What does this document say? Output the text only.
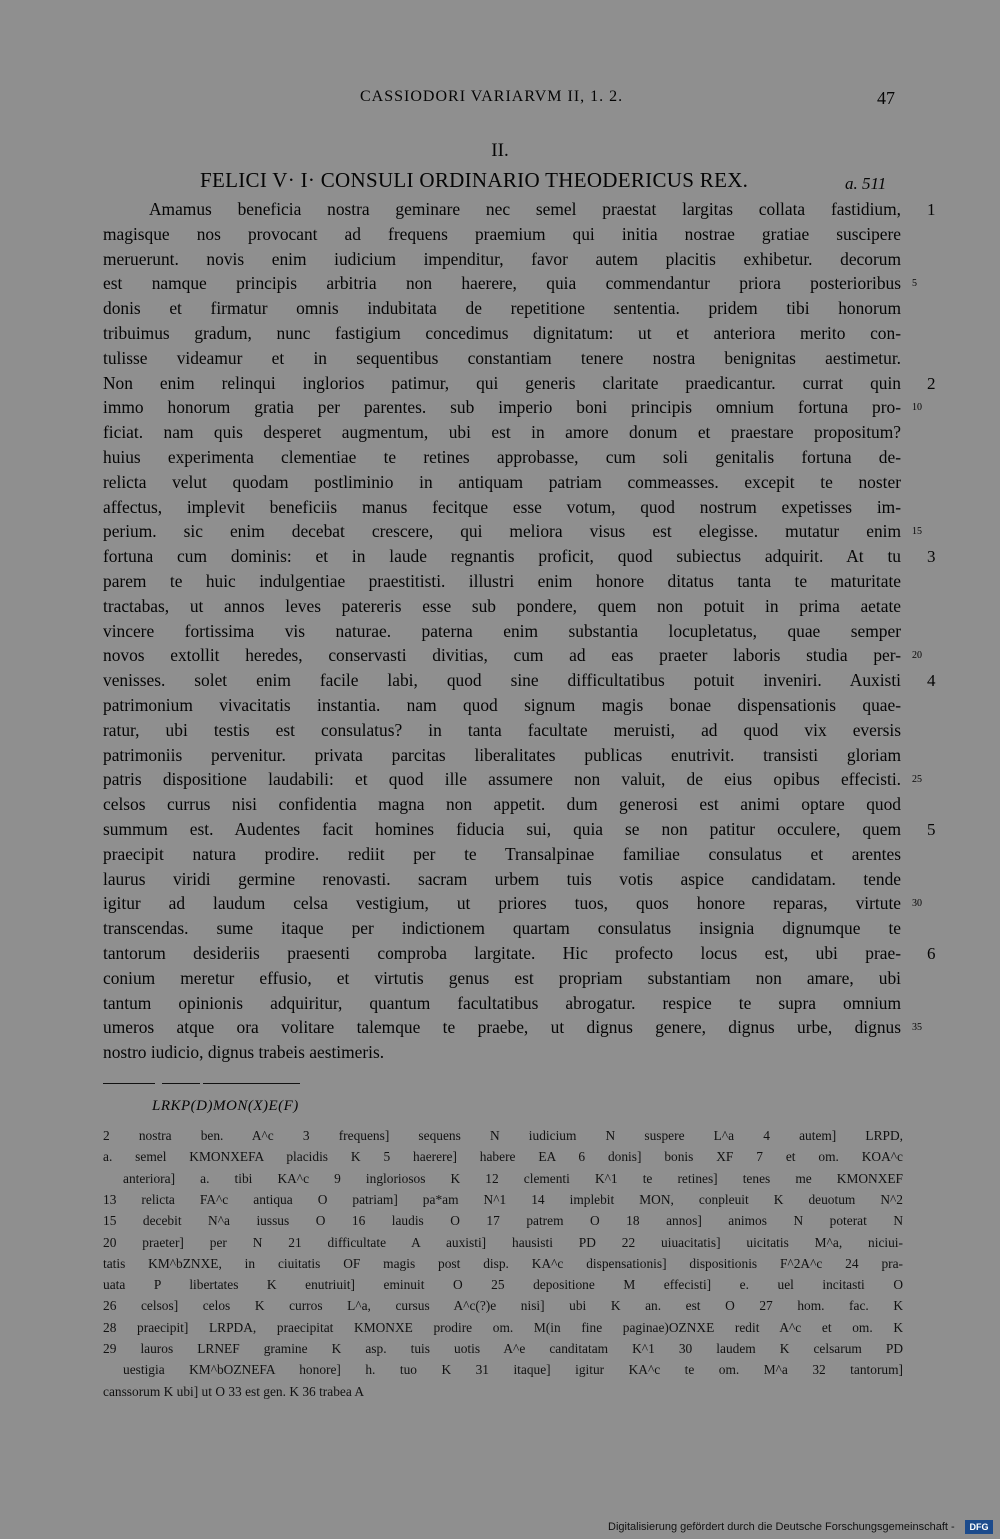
CASSIODORI VARIARVM II, 1. 2.	47
II.
FELICI V· I· CONSULI ORDINARIO THEODERICUS REX.	a. 511
Amamus beneficia nostra geminare nec semel praestat largitas collata fastidium,
magisque nos provocant ad frequens praemium qui initia nostrae gratiae suscipere
meruerunt. novis enim iudicium impenditur, favor autem placitis exhibetur. decorum
est namque principis arbitria non haerere, quia commendantur priora posterioribus
donis et firmatur omnis indubitata de repetitione sententia. pridem tibi honorum
tribuimus gradum, nunc fastigium concedimus dignitatum: ut et anteriora merito con-
tulisse videamur et in sequentibus constantiam tenere nostra benignitas aestimetur.
Non enim relinqui inglorios patimur, qui generis claritate praedicantur. currat quin
immo honorum gratia per parentes. sub imperio boni principis omnium fortuna pro-
ficiat. nam quis desperet augmentum, ubi est in amore donum et praestare propositum?
huius experimenta clementiae te retines approbasse, cum soli genitalis fortuna de-
relicta velut quodam postliminio in antiquam patriam commeasses. excepit te noster
affectus, implevit beneficiis manus fecitque esse votum, quod nostrum expetisses im-
perium. sic enim decebat crescere, qui meliora visus est elegisse. mutatur enim
fortuna cum dominis: et in laude regnantis proficit, quod subiectus adquirit. At tu
parem te huic indulgentiae praestitisti. illustri enim honore ditatus tanta te maturitate
tractabas, ut annos leves patereris esse sub pondere, quem non potuit in prima aetate
vincere fortissima vis naturae. paterna enim substantia locupletatus, quae semper
novos extollit heredes, conservasti divitias, cum ad eas praeter laboris studia per-
venisses. solet enim facile labi, quod sine difficultatibus potuit inveniri. Auxisti
patrimonium vivacitatis instantia. nam quod signum magis bonae dispensationis quae-
ratur, ubi testis est consulatus? in tanta facultate meruisti, ad quod vix eversis
patrimoniis pervenitur. privata parcitas liberalitates publicas enutrivit. transisti gloriam
patris dispositione laudabili: et quod ille assumere non valuit, de eius opibus effecisti.
celsos currus nisi confidentia magna non appetit. dum generosi est animi optare quod
summum est. Audentes facit homines fiducia sui, quia se non patitur occulere, quem
praecipit natura prodire. rediit per te Transalpinae familiae consulatus et arentes
laurus viridi germine renovasti. sacram urbem tuis votis aspice candidatam. tende
igitur ad laudum celsa vestigium, ut priores tuos, quos honore reparas, virtute
transcendas. sume itaque per indictionem quartam consulatus insignia dignumque te
tantorum desideriis praesenti comproba largitate. Hic profecto locus est, ubi prae-
conium meretur effusio, et virtutis genus est propriam substantiam non amare, ubi
tantum opinionis adquiritur, quantum facultatibus abrogatur. respice te supra omnium
umeros atque ora volitare talemque te praebe, ut dignus genere, dignus urbe, dignus
nostro iudicio, dignus trabeis aestimeris.
1
2
3
4
5
6
5
10
15
20
25
30
35
LRKP(D)MON(X)E(F)
2 nostra ben. A^c 3 frequens] sequens N iudicium N suspere L^a 4 autem] LRPD,
a. semel KMONXEFA placidis K 5 haerere] habere EA 6 donis] bonis XF 7 et om. KOA^c
anteriora] a. tibi KA^c 9 ingloriosos K 12 clementi K^1 te retines] tenes me KMONXEF
13 relicta FA^c antiqua O patriam] pa*am N^1 14 implebit MON, conpleuit K deuotum N^2
15 decebit N^a iussus O 16 laudis O 17 patrem O 18 annos] animos N poterat N
20 praeter] per N 21 difficultate A auxisti] hausisti PD 22 uiuacitatis] uicitatis M^a, niciui-
tatis KM^bZNXE, in ciuitatis OF magis post disp. KA^c dispensationis] dispositionis F^2A^c 24 pra-
uata P libertates K enutriuit] eminuit O 25 depositione M effecisti] e. uel incitasti O
26 celsos] celos K curros L^a, cursus A^c(?)e nisi] ubi K an. est O 27 hom. fac. K
28 praecipit] LRPDA, praecipitat KMONXE prodire om. M(in fine paginae)OZNXE redit A^c et om. K
29 lauros LRNEF gramine K asp. tuis uotis A^e canditatam K^1 30 laudem K celsarum PD
uestigia KM^bOZNEFA honore] h. tuo K 31 itaque] igitur KA^c te om. M^a 32 tantorum]
canssorum K ubi] ut O 33 est gen. K 36 trabea A
Digitalisierung gefördert durch die Deutsche Forschungsgemeinschaft -	DFG
